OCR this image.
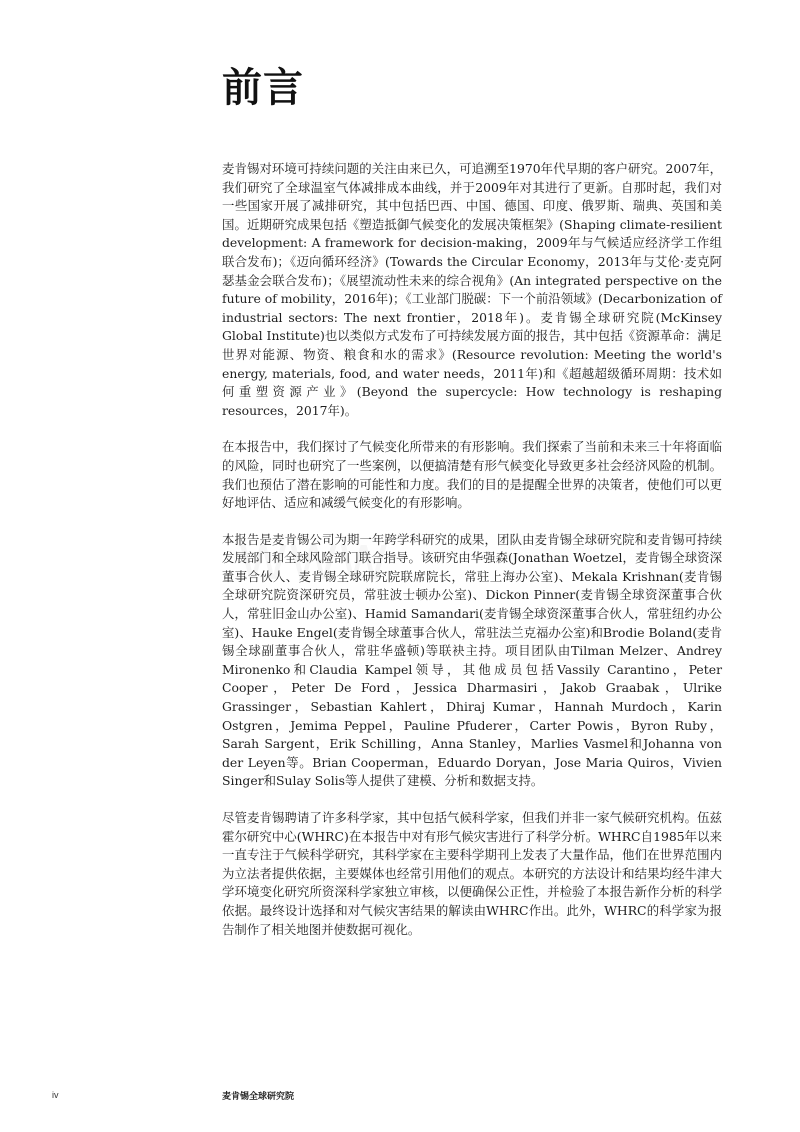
前言

麦肯锡对环境可持续问题的关注由来已久，可追溯至1970年代早期的客户研究。2007年，我们研究了全球温室气体减排成本曲线，并于2009年对其进行了更新。自那时起，我们对一些国家开展了减排研究，其中包括巴西、中国、德国、印度、俄罗斯、瑞典、英国和美国。近期研究成果包括《塑造抵御气候变化的发展决策框架》(Shaping climate-resilient development: A framework for decision-making，2009年与气候适应经济学工作组联合发布)；《迈向循环经济》(Towards the Circular Economy，2013年与艾伦·麦克阿瑟基金会联合发布)；《展望流动性未来的综合视角》(An integrated perspective on the future of mobility，2016年)；《工业部门脱碳：下一个前沿领域》(Decarbonization of industrial sectors: The next frontier，2018年)。麦肯锡全球研究院(McKinsey Global Institute)也以类似方式发布了可持续发展方面的报告，其中包括《资源革命：满足世界对能源、物资、粮食和水的需求》(Resource revolution: Meeting the world's energy, materials, food, and water needs，2011年)和《超越超级循环周期：技术如何重塑资源产业》(Beyond the supercycle: How technology is reshaping resources，2017年)。

在本报告中，我们探讨了气候变化所带来的有形影响。我们探索了当前和未来三十年将面临的风险，同时也研究了一些案例，以便搞清楚有形气候变化导致更多社会经济风险的机制。我们也预估了潜在影响的可能性和力度。我们的目的是提醒全世界的决策者，使他们可以更好地评估、适应和减缓气候变化的有形影响。

本报告是麦肯锡公司为期一年跨学科研究的成果，团队由麦肯锡全球研究院和麦肯锡可持续发展部门和全球风险部门联合指导。该研究由华强森(Jonathan Woetzel，麦肯锡全球资深董事合伙人、麦肯锡全球研究院联席院长，常驻上海办公室)、Mekala Krishnan(麦肯锡全球研究院资深研究员，常驻波士顿办公室)、Dickon Pinner(麦肯锡全球资深董事合伙人，常驻旧金山办公室)、Hamid Samandari(麦肯锡全球资深董事合伙人，常驻纽约办公室)、Hauke Engel(麦肯锡全球董事合伙人，常驻法兰克福办公室)和Brodie Boland(麦肯锡全球副董事合伙人，常驻华盛顿)等联袂主持。项目团队由Tilman Melzer、Andrey Mironenko和Claudia Kampel领导，其他成员包括Vassily Carantino，Peter Cooper，Peter De Ford，Jessica Dharmasiri，Jakob Graabak，Ulrike Grassinger，Sebastian Kahlert，Dhiraj Kumar，Hannah Murdoch，Karin Ostgren，Jemima Peppel，Pauline Pfuderer，Carter Powis，Byron Ruby，Sarah Sargent，Erik Schilling，Anna Stanley，Marlies Vasmel和Johanna von der Leyen等。Brian Cooperman，Eduardo Doryan，Jose Maria Quiros，Vivien Singer和Sulay Solis等人提供了建模、分析和数据支持。

尽管麦肯锡聘请了许多科学家，其中包括气候科学家，但我们并非一家气候研究机构。伍兹霍尔研究中心(WHRC)在本报告中对有形气候灾害进行了科学分析。WHRC自1985年以来一直专注于气候科学研究，其科学家在主要科学期刊上发表了大量作品，他们在世界范围内为立法者提供依据，主要媒体也经常引用他们的观点。本研究的方法设计和结果均经牛津大学环境变化研究所资深科学家独立审核，以便确保公正性，并检验了本报告新作分析的科学依据。最终设计选择和对气候灾害结果的解读由WHRC作出。此外，WHRC的科学家为报告制作了相关地图并使数据可视化。

iv	麦肯锡全球研究院
